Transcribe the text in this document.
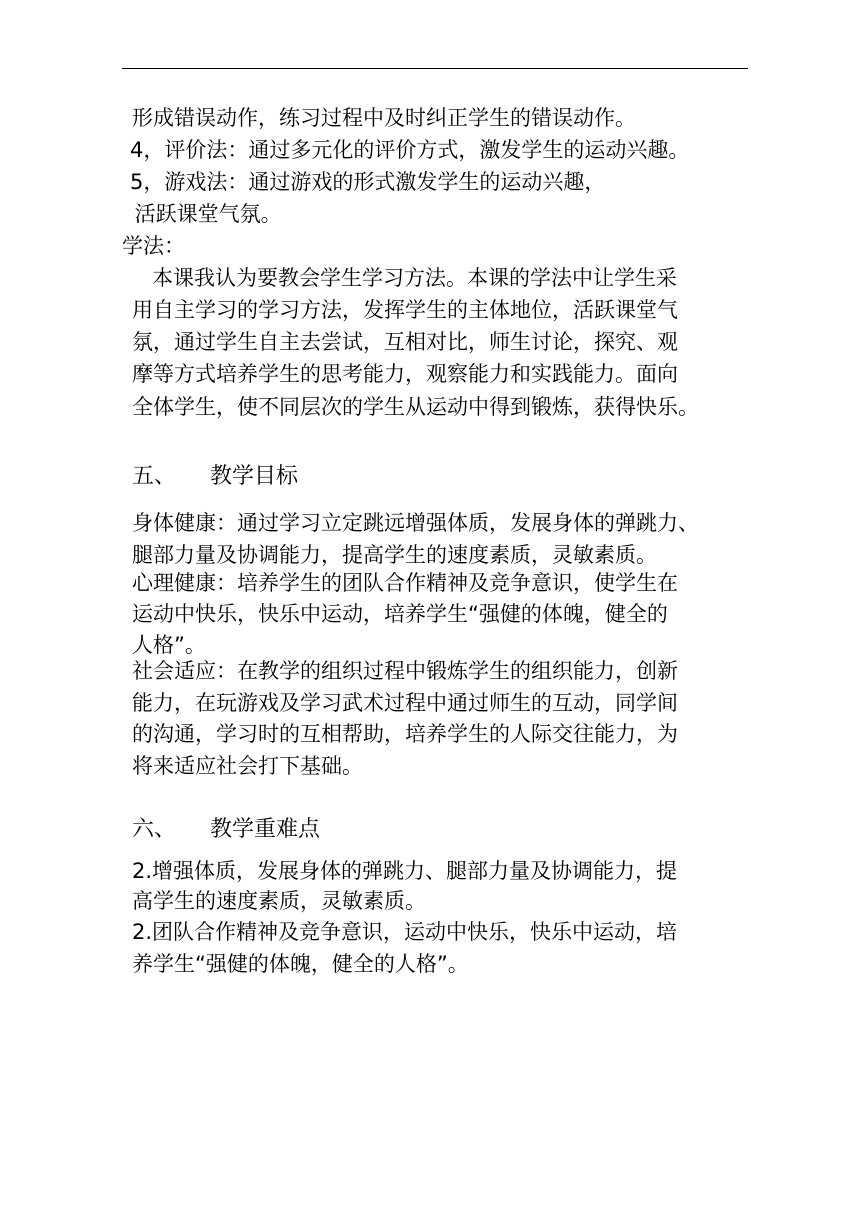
形成错误动作，练习过程中及时纠正学生的错误动作。
4，评价法：通过多元化的评价方式，激发学生的运动兴趣。
5，游戏法：通过游戏的形式激发学生的运动兴趣，
活跃课堂气氛。
学法：
本课我认为要教会学生学习方法。本课的学法中让学生采
用自主学习的学习方法，发挥学生的主体地位，活跃课堂气
氛，通过学生自主去尝试，互相对比，师生讨论，探究、观
摩等方式培养学生的思考能力，观察能力和实践能力。面向
全体学生，使不同层次的学生从运动中得到锻炼，获得快乐。
五、 教学目标
身体健康：通过学习立定跳远增强体质，发展身体的弹跳力、
腿部力量及协调能力，提高学生的速度素质，灵敏素质。
心理健康：培养学生的团队合作精神及竞争意识，使学生在
运动中快乐，快乐中运动，培养学生“强健的体魄，健全的
人格”。
社会适应：在教学的组织过程中锻炼学生的组织能力，创新
能力，在玩游戏及学习武术过程中通过师生的互动，同学间
的沟通，学习时的互相帮助，培养学生的人际交往能力，为
将来适应社会打下基础。
六、 教学重难点
2.增强体质，发展身体的弹跳力、腿部力量及协调能力，提
高学生的速度素质，灵敏素质。
2.团队合作精神及竞争意识，运动中快乐，快乐中运动，培
养学生“强健的体魄，健全的人格”。
